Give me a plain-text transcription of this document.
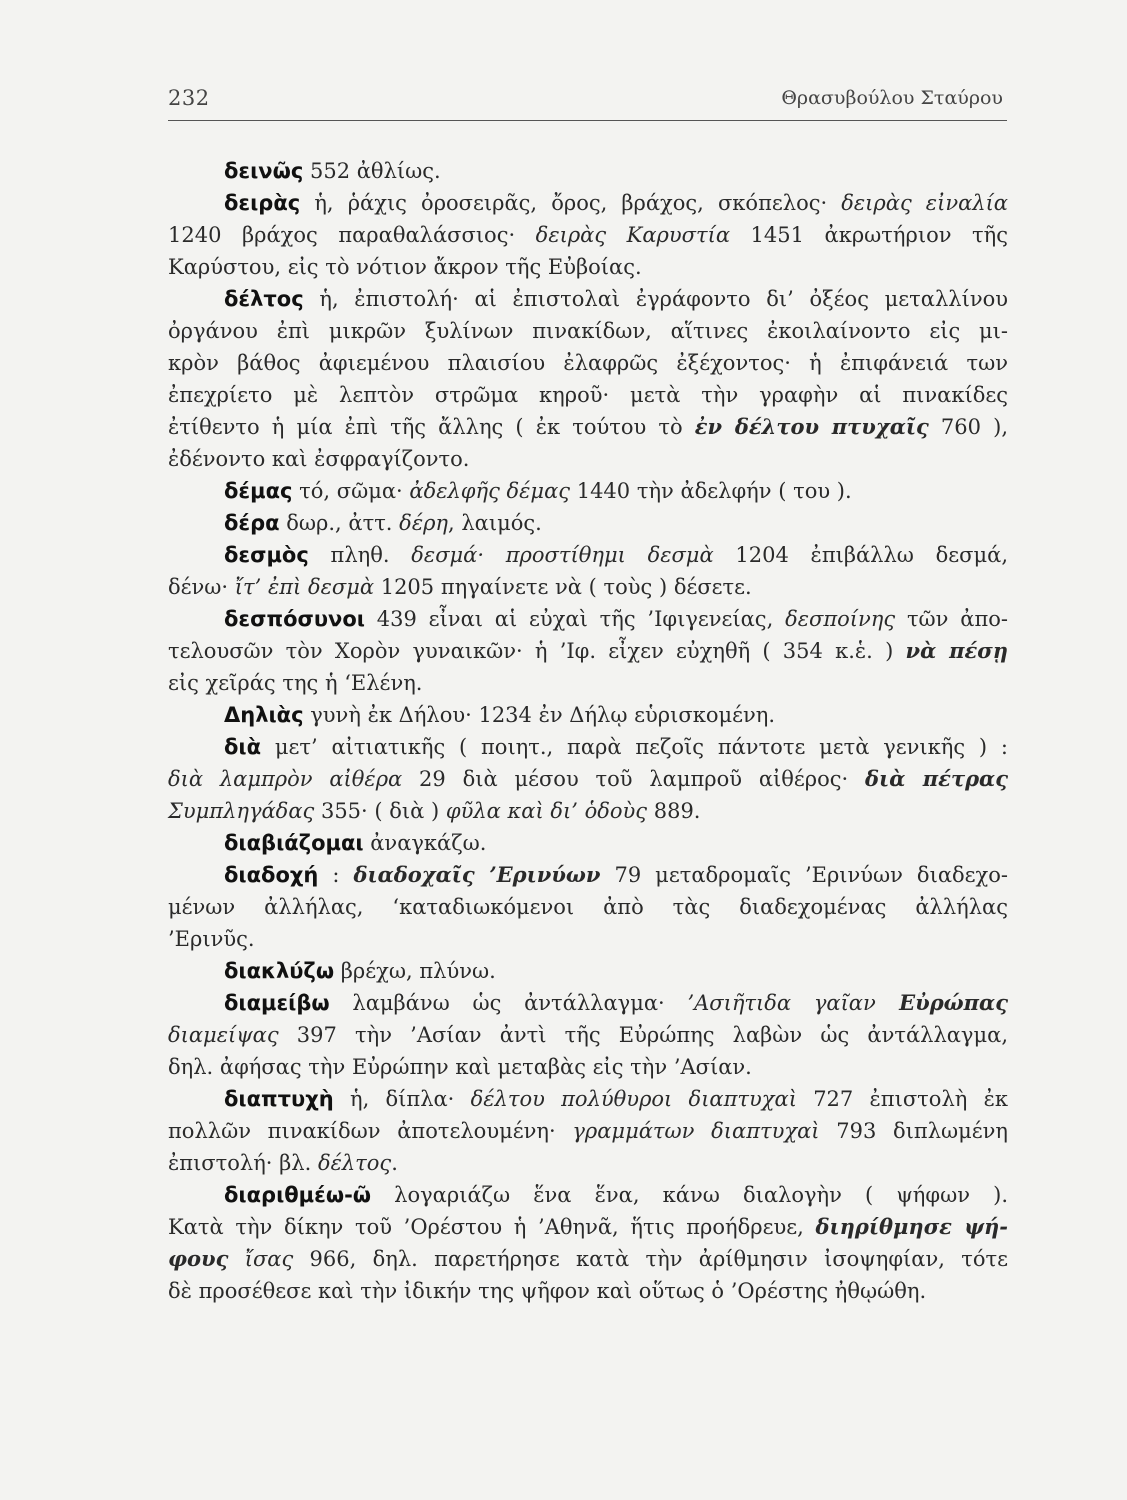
232	Θρασυβούλου Σταύρου
δεινῶς 552 ἀθλίως.
δειρὰς ἡ, ῥάχις ὀροσειρᾶς, ὄρος, βράχος, σκόπελος· δειρὰς εἰναλία
1240 βράχος παραθαλάσσιος· δειρὰς Καρυστία 1451 ἀκρωτήριον τῆς
Καρύστου, εἰς τὸ νότιον ἄκρον τῆς Εὐβοίας.
δέλτος ἡ, ἐπιστολή· αἱ ἐπιστολαὶ ἐγράφοντο δι’ ὀξέος μεταλλίνου
ὀργάνου ἐπὶ μικρῶν ξυλίνων πινακίδων, αἵτινες ἐκοιλαίνοντο εἰς μι-
κρὸν βάθος ἀφιεμένου πλαισίου ἐλαφρῶς ἐξέχοντος· ἡ ἐπιφάνειά των
ἐπεχρίετο μὲ λεπτὸν στρῶμα κηροῦ· μετὰ τὴν γραφὴν αἱ πινακίδες
ἐτίθεντο ἡ μία ἐπὶ τῆς ἄλλης ( ἐκ τούτου τὸ ἐν δέλτου πτυχαῖς 760 ),
ἐδένοντο καὶ ἐσφραγίζοντο.
δέμας τό, σῶμα· ἀδελφῆς δέμας 1440 τὴν ἀδελφήν ( του ).
δέρα δωρ., ἀττ. δέρη, λαιμός.
δεσμὸς πληθ. δεσμά· προστίθημι δεσμὰ 1204 ἐπιβάλλω δεσμά,
δένω· ἴτ’ ἐπὶ δεσμὰ 1205 πηγαίνετε νὰ ( τοὺς ) δέσετε.
δεσπόσυνοι 439 εἶναι αἱ εὐχαὶ τῆς ’Ιφιγενείας, δεσποίνης τῶν ἀπο-
τελουσῶν τὸν Χορὸν γυναικῶν· ἡ ’Ιφ. εἶχεν εὐχηθῆ ( 354 κ.ἑ. ) νὰ πέσῃ
εἰς χεῖράς της ἡ ‘Ελένη.
Δηλιὰς γυνὴ ἐκ Δήλου· 1234 ἐν Δήλῳ εὑρισκομένη.
διὰ μετ’ αἰτιατικῆς ( ποιητ., παρὰ πεζοῖς πάντοτε μετὰ γενικῆς ) :
διὰ λαμπρὸν αἰθέρα 29 διὰ μέσου τοῦ λαμπροῦ αἰθέρος· διὰ πέτρας
Συμπληγάδας 355· ( διὰ ) φῦλα καὶ δι’ ὁδοὺς 889.
διαβιάζομαι ἀναγκάζω.
διαδοχή : διαδοχαῖς ’Ερινύων 79 μεταδρομαῖς ’Ερινύων διαδεχο-
μένων ἀλλήλας, ‘καταδιωκόμενοι ἀπὸ τὰς διαδεχομένας ἀλλήλας
’Ερινῦς.
διακλύζω βρέχω, πλύνω.
διαμείβω λαμβάνω ὡς ἀντάλλαγμα· ’Ασιῆτιδα γαῖαν Εὐρώπας
διαμείψας 397 τὴν ’Ασίαν ἀντὶ τῆς Εὐρώπης λαβὼν ὡς ἀντάλλαγμα,
δηλ. ἀφήσας τὴν Εὐρώπην καὶ μεταβὰς εἰς τὴν ’Ασίαν.
διαπτυχὴ ἡ, δίπλα· δέλτου πολύθυροι διαπτυχαὶ 727 ἐπιστολὴ ἐκ
πολλῶν πινακίδων ἀποτελουμένη· γραμμάτων διαπτυχαὶ 793 διπλωμένη
ἐπιστολή· βλ. δέλτος.
διαριθμέω-ῶ λογαριάζω ἕνα ἕνα, κάνω διαλογὴν ( ψήφων ).
Κατὰ τὴν δίκην τοῦ ’Ορέστου ἡ ’Αθηνᾶ, ἥτις προήδρευε, διηρίθμησε ψή-
φους ἴσας 966, δηλ. παρετήρησε κατὰ τὴν ἀρίθμησιν ἰσοψηφίαν, τότε
δὲ προσέθεσε καὶ τὴν ἰδικήν της ψῆφον καὶ οὕτως ὁ ’Ορέστης ἠθῳώθη.
